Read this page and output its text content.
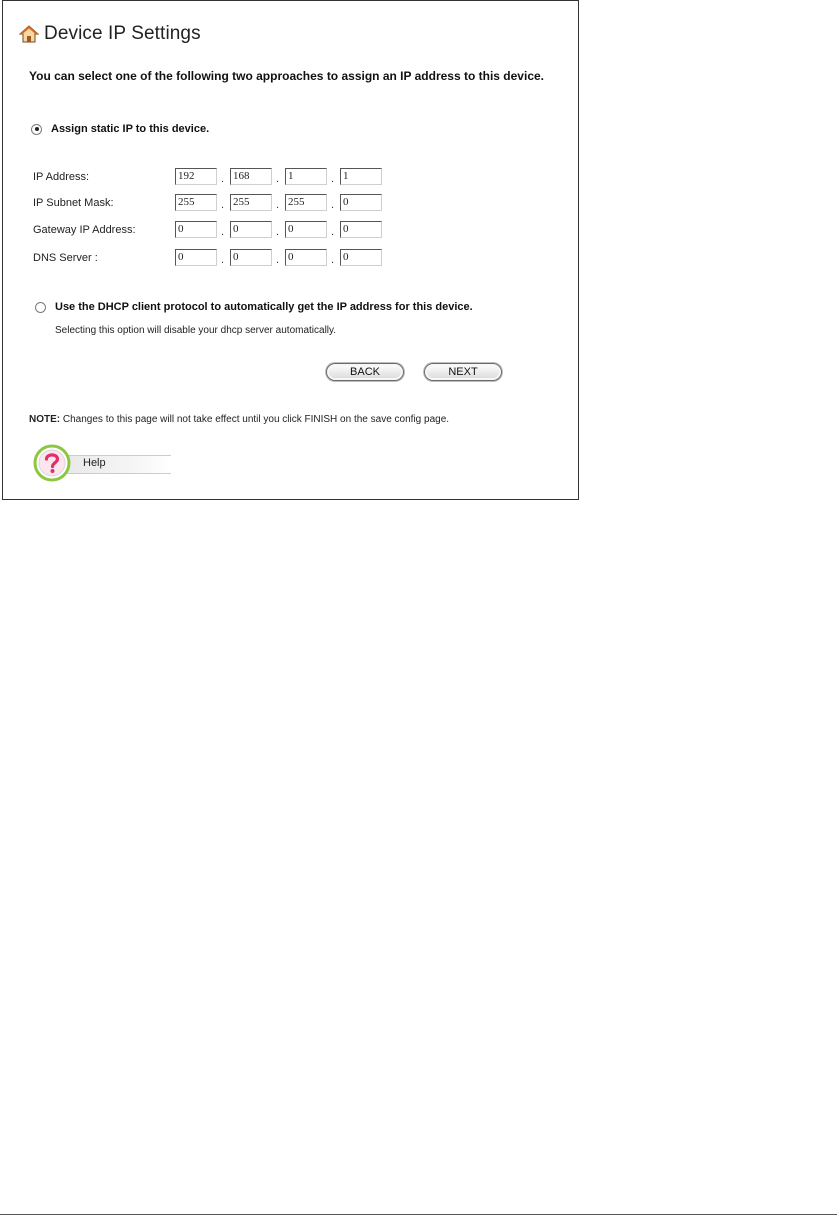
Device IP Settings
You can select one of the following two approaches to assign an IP address to this device.
Assign static IP to this device.
IP Address:	192	. 168	. 1	. 1
IP Subnet Mask:	255	. 255	. 255	. 0
Gateway IP Address:	0	. 0	. 0	. 0
DNS Server :	0	. 0	. 0	. 0
Use the DHCP client protocol to automatically get the IP address for this device.
Selecting this option will disable your dhcp server automatically.
BACK	NEXT
NOTE: Changes to this page will not take effect until you click FINISH on the save config page.
Help
